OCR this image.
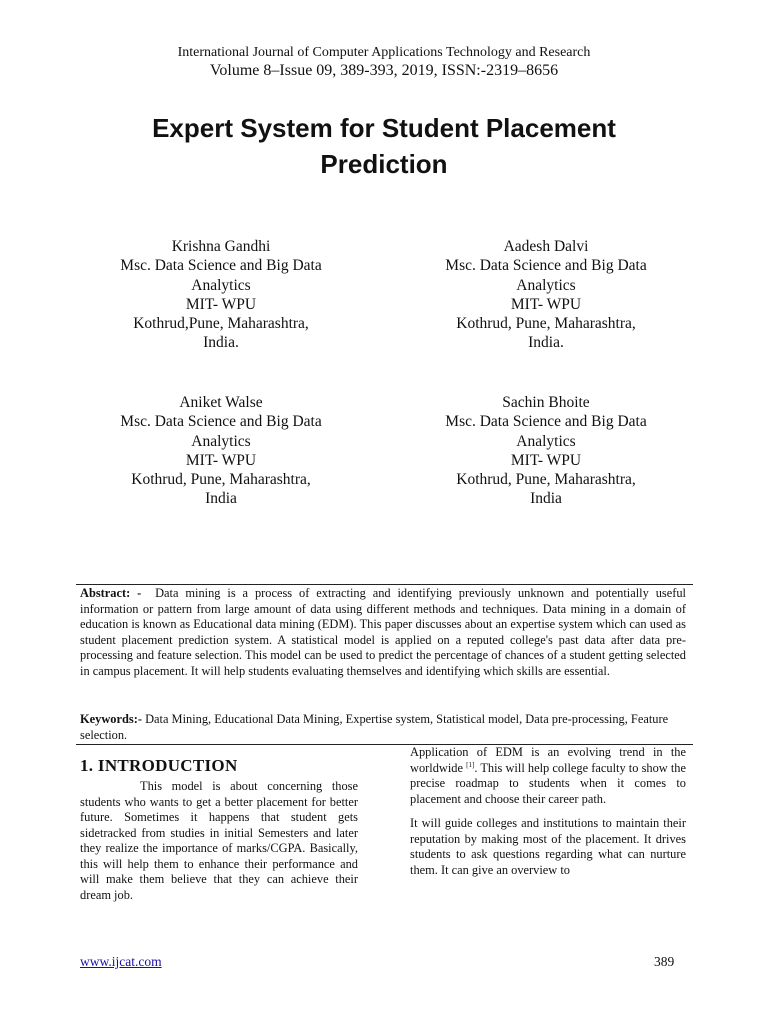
International Journal of Computer Applications Technology and Research
Volume 8–Issue 09, 389-393, 2019, ISSN:-2319–8656
Expert System for Student Placement
Prediction
Krishna Gandhi
Msc. Data Science and Big Data
Analytics
MIT- WPU
Kothrud,Pune, Maharashtra,
India.
Aadesh Dalvi
Msc. Data Science and Big Data
Analytics
MIT- WPU
Kothrud, Pune, Maharashtra,
India.
Aniket Walse
Msc. Data Science and Big Data
Analytics
MIT- WPU
Kothrud, Pune, Maharashtra,
India
Sachin Bhoite
Msc. Data Science and Big Data
Analytics
MIT- WPU
Kothrud, Pune, Maharashtra,
India
Abstract: - Data mining is a process of extracting and identifying previously unknown and potentially useful information or pattern from large amount of data using different methods and techniques. Data mining in a domain of education is known as Educational data mining (EDM). This paper discusses about an expertise system which can used as student placement prediction system. A statistical model is applied on a reputed college's past data after data pre-processing and feature selection. This model can be used to predict the percentage of chances of a student getting selected in campus placement. It will help students evaluating themselves and identifying which skills are essential.
Keywords:- Data Mining, Educational Data Mining, Expertise system, Statistical model, Data pre-processing, Feature selection.
1. INTRODUCTION

This model is about concerning those students who wants to get a better placement for better future. Sometimes it happens that student gets sidetracked from studies in initial Semesters and later they realize the importance of marks/CGPA. Basically, this will help them to enhance their performance and will make them believe that they can achieve their dream job.

Application of EDM is an evolving trend in the worldwide [1]. This will help college faculty to show the precise roadmap to students when it comes to placement and choose their career path.

It will guide colleges and institutions to maintain their reputation by making most of the placement. It drives students to ask questions regarding what can nurture them. It can give an overview to

www.ijcat.com	389
